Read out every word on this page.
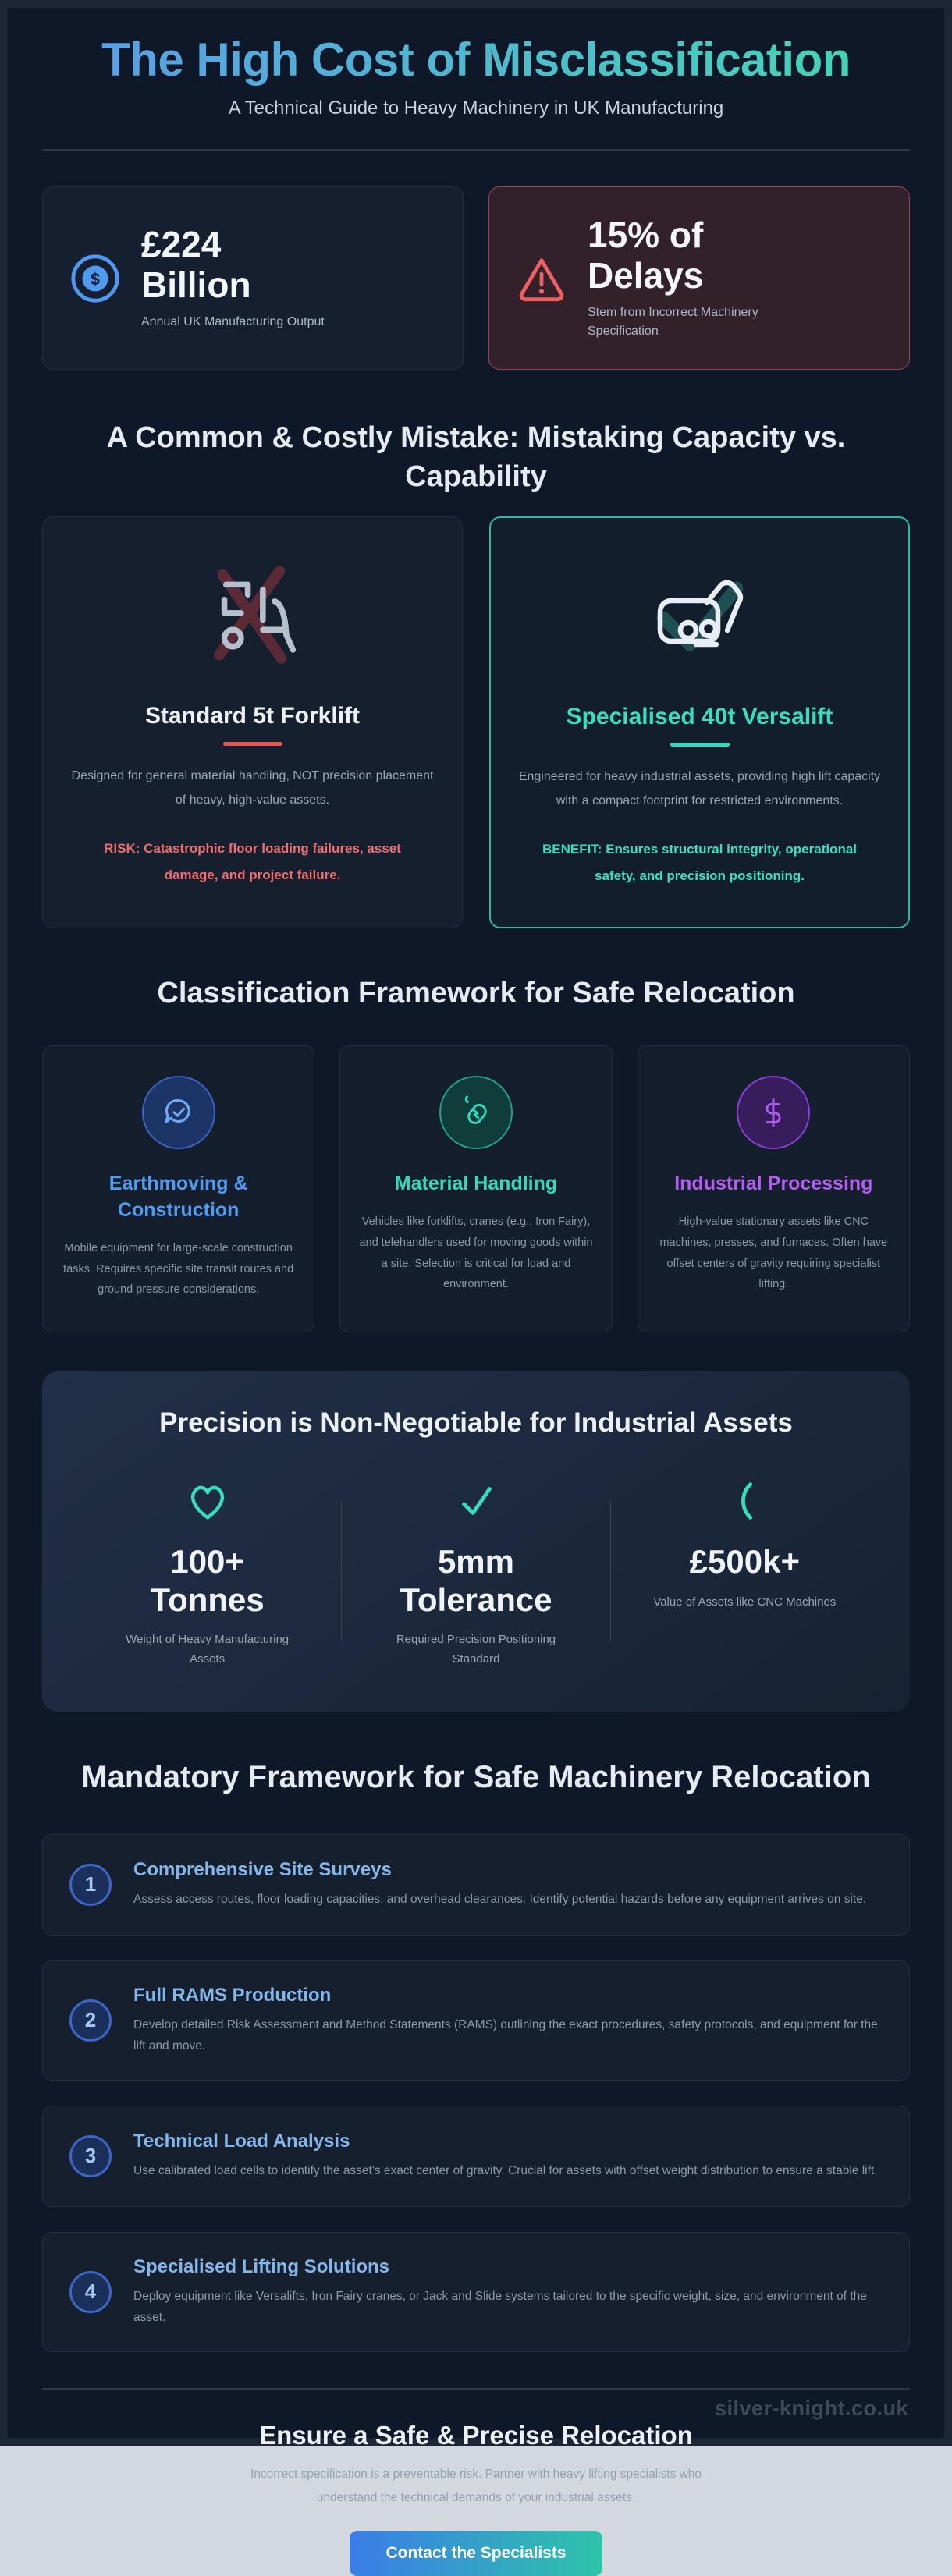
The High Cost of Misclassification

A Technical Guide to Heavy Machinery in UK Manufacturing

$
£224 Billion
Annual UK Manufacturing Output
15% of Delays
Stem from Incorrect Machinery Specification
A Common & Costly Mistake: Mistaking Capacity vs. Capability
Standard 5t Forklift

Designed for general material handling, NOT precision placement of heavy, high-value assets.

RISK: Catastrophic floor loading failures, asset damage, and project failure.

Specialised 40t Versalift

Engineered for heavy industrial assets, providing high lift capacity with a compact footprint for restricted environments.

BENEFIT: Ensures structural integrity, operational safety, and precision positioning.

Classification Framework for Safe Relocation
Earthmoving & Construction

Mobile equipment for large-scale construction tasks. Requires specific site transit routes and ground pressure considerations.

Material Handling

Vehicles like forklifts, cranes (e.g., Iron Fairy), and telehandlers used for moving goods within a site. Selection is critical for load and environment.

Industrial Processing

High-value stationary assets like CNC machines, presses, and furnaces. Often have offset centers of gravity requiring specialist lifting.

Precision is Non-Negotiable for Industrial Assets
100+ Tonnes
Weight of Heavy Manufacturing Assets
5mm Tolerance
Required Precision Positioning Standard
£500k+
Value of Assets like CNC Machines
Mandatory Framework for Safe Machinery Relocation
1
Comprehensive Site Surveys

Assess access routes, floor loading capacities, and overhead clearances. Identify potential hazards before any equipment arrives on site.

2
Full RAMS Production

Develop detailed Risk Assessment and Method Statements (RAMS) outlining the exact procedures, safety protocols, and equipment for the lift and move.

3
Technical Load Analysis

Use calibrated load cells to identify the asset's exact center of gravity. Crucial for assets with offset weight distribution to ensure a stable lift.

4
Specialised Lifting Solutions

Deploy equipment like Versalifts, Iron Fairy cranes, or Jack and Slide systems tailored to the specific weight, size, and environment of the asset.

Ensure a Safe & Precise Relocation

Incorrect specification is a preventable risk. Partner with heavy lifting specialists who understand the technical demands of your industrial assets.

Contact the Specialists
silver-knight.co.uk
